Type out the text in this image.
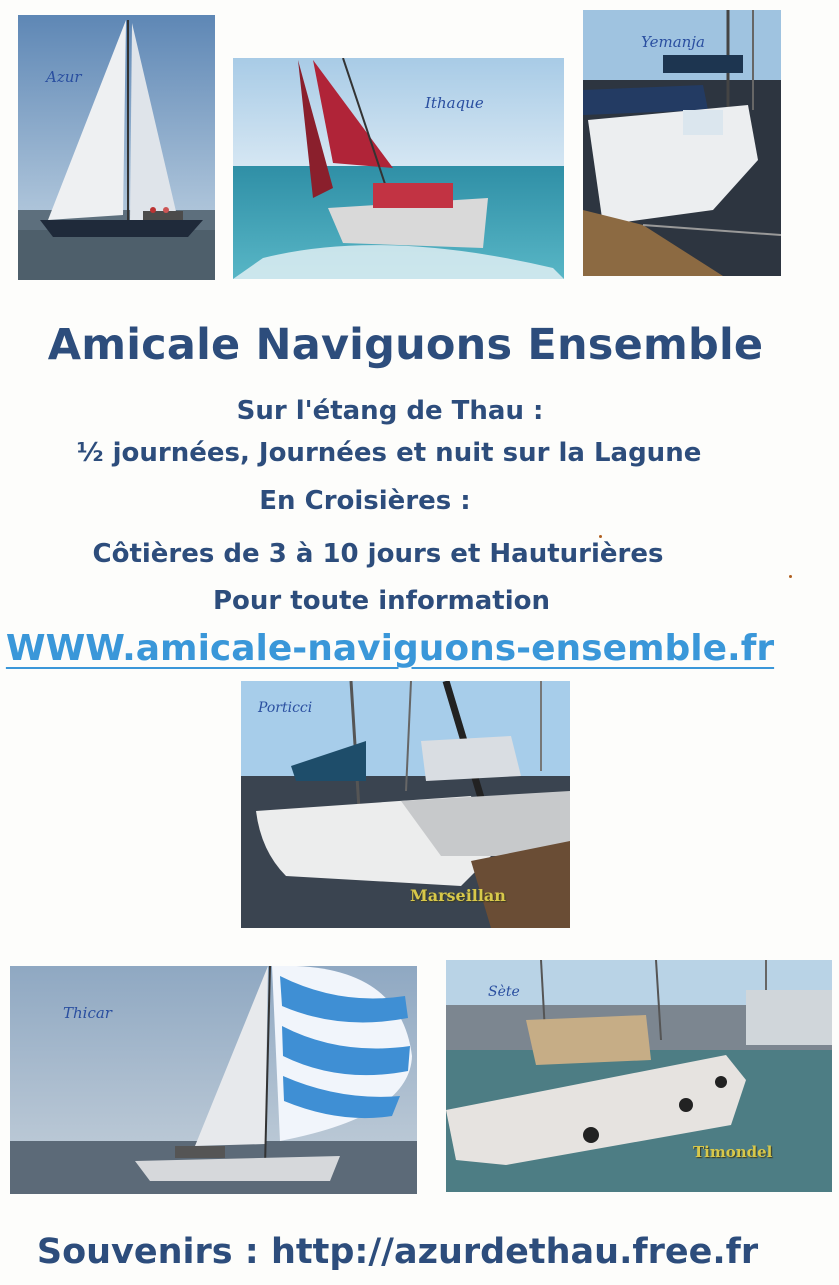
Azur
Ithaque
Yemanja
Amicale Naviguons Ensemble
Sur l'étang de Thau :
½ journées, Journées et nuit sur la Lagune
En Croisières :
Côtières de 3 à 10 jours et Hauturières
Pour toute information
WWW.amicale-naviguons-ensemble.fr
Porticci
Marseillan
Thicar
Sète
Timondel
Souvenirs : http://azurdethau.free.fr
